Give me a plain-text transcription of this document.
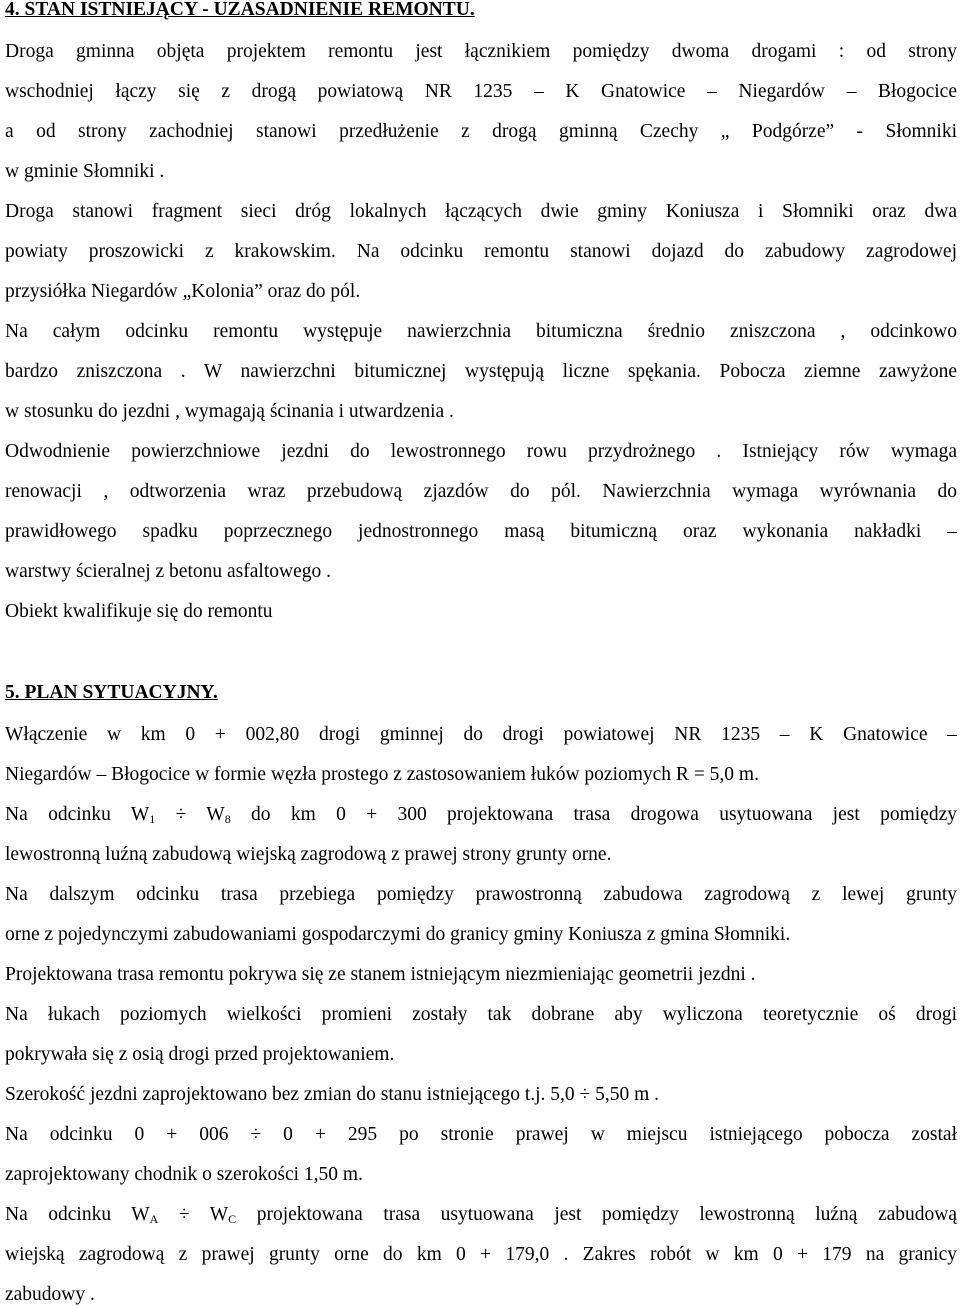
4. STAN ISTNIEJĄCY - UZASADNIENIE REMONTU.
Droga gminna objęta projektem remontu jest łącznikiem pomiędzy dwoma drogami : od strony
wschodniej łączy się z drogą powiatową NR 1235 – K Gnatowice – Niegardów – Błogocice
a od strony zachodniej stanowi przedłużenie z drogą gminną Czechy „ Podgórze” - Słomniki
w gminie Słomniki .
Droga stanowi fragment sieci dróg lokalnych łączących dwie gminy Koniusza i Słomniki oraz dwa
powiaty proszowicki z krakowskim. Na odcinku remontu stanowi dojazd do zabudowy zagrodowej
przysiółka Niegardów „Kolonia” oraz do pól.
Na całym odcinku remontu występuje nawierzchnia bitumiczna średnio zniszczona , odcinkowo
bardzo zniszczona . W nawierzchni bitumicznej występują liczne spękania. Pobocza ziemne zawyżone
w stosunku do jezdni , wymagają ścinania i utwardzenia .
Odwodnienie powierzchniowe jezdni do lewostronnego rowu przydrożnego . Istniejący rów wymaga
renowacji , odtworzenia wraz przebudową zjazdów do pól. Nawierzchnia wymaga wyrównania do
prawidłowego spadku poprzecznego jednostronnego masą bitumiczną oraz wykonania nakładki –
warstwy ścieralnej z betonu asfaltowego .
Obiekt kwalifikuje się do remontu
5. PLAN SYTUACYJNY.
Włączenie w km 0 + 002,80 drogi gminnej do drogi powiatowej NR 1235 – K Gnatowice –
Niegardów – Błogocice w formie węzła prostego z zastosowaniem łuków poziomych R = 5,0 m.
Na odcinku $W_1 \div W_8$ do km 0 + 300 projektowana trasa drogowa usytuowana jest pomiędzy
lewostronną luźną zabudową wiejską zagrodową z prawej strony grunty orne.
Na dalszym odcinku trasa przebiega pomiędzy prawostronną zabudowa zagrodową z lewej grunty
orne z pojedynczymi zabudowaniami gospodarczymi do granicy gminy Koniusza z gmina Słomniki.
Projektowana trasa remontu pokrywa się ze stanem istniejącym niezmieniając geometrii jezdni .
Na łukach poziomych wielkości promieni zostały tak dobrane aby wyliczona teoretycznie oś drogi
pokrywała się z osią drogi przed projektowaniem.
Szerokość jezdni zaprojektowano bez zmian do stanu istniejącego t.j. 5,0 ÷ 5,50 m .
Na odcinku 0 + 006 ÷ 0 + 295 po stronie prawej w miejscu istniejącego pobocza został
zaprojektowany chodnik o szerokości 1,50 m.
Na odcinku $W_A \div W_C$ projektowana trasa usytuowana jest pomiędzy lewostronną luźną zabudową
wiejską zagrodową z prawej grunty orne do km 0 + 179,0 . Zakres robót w km 0 + 179 na granicy
zabudowy .
